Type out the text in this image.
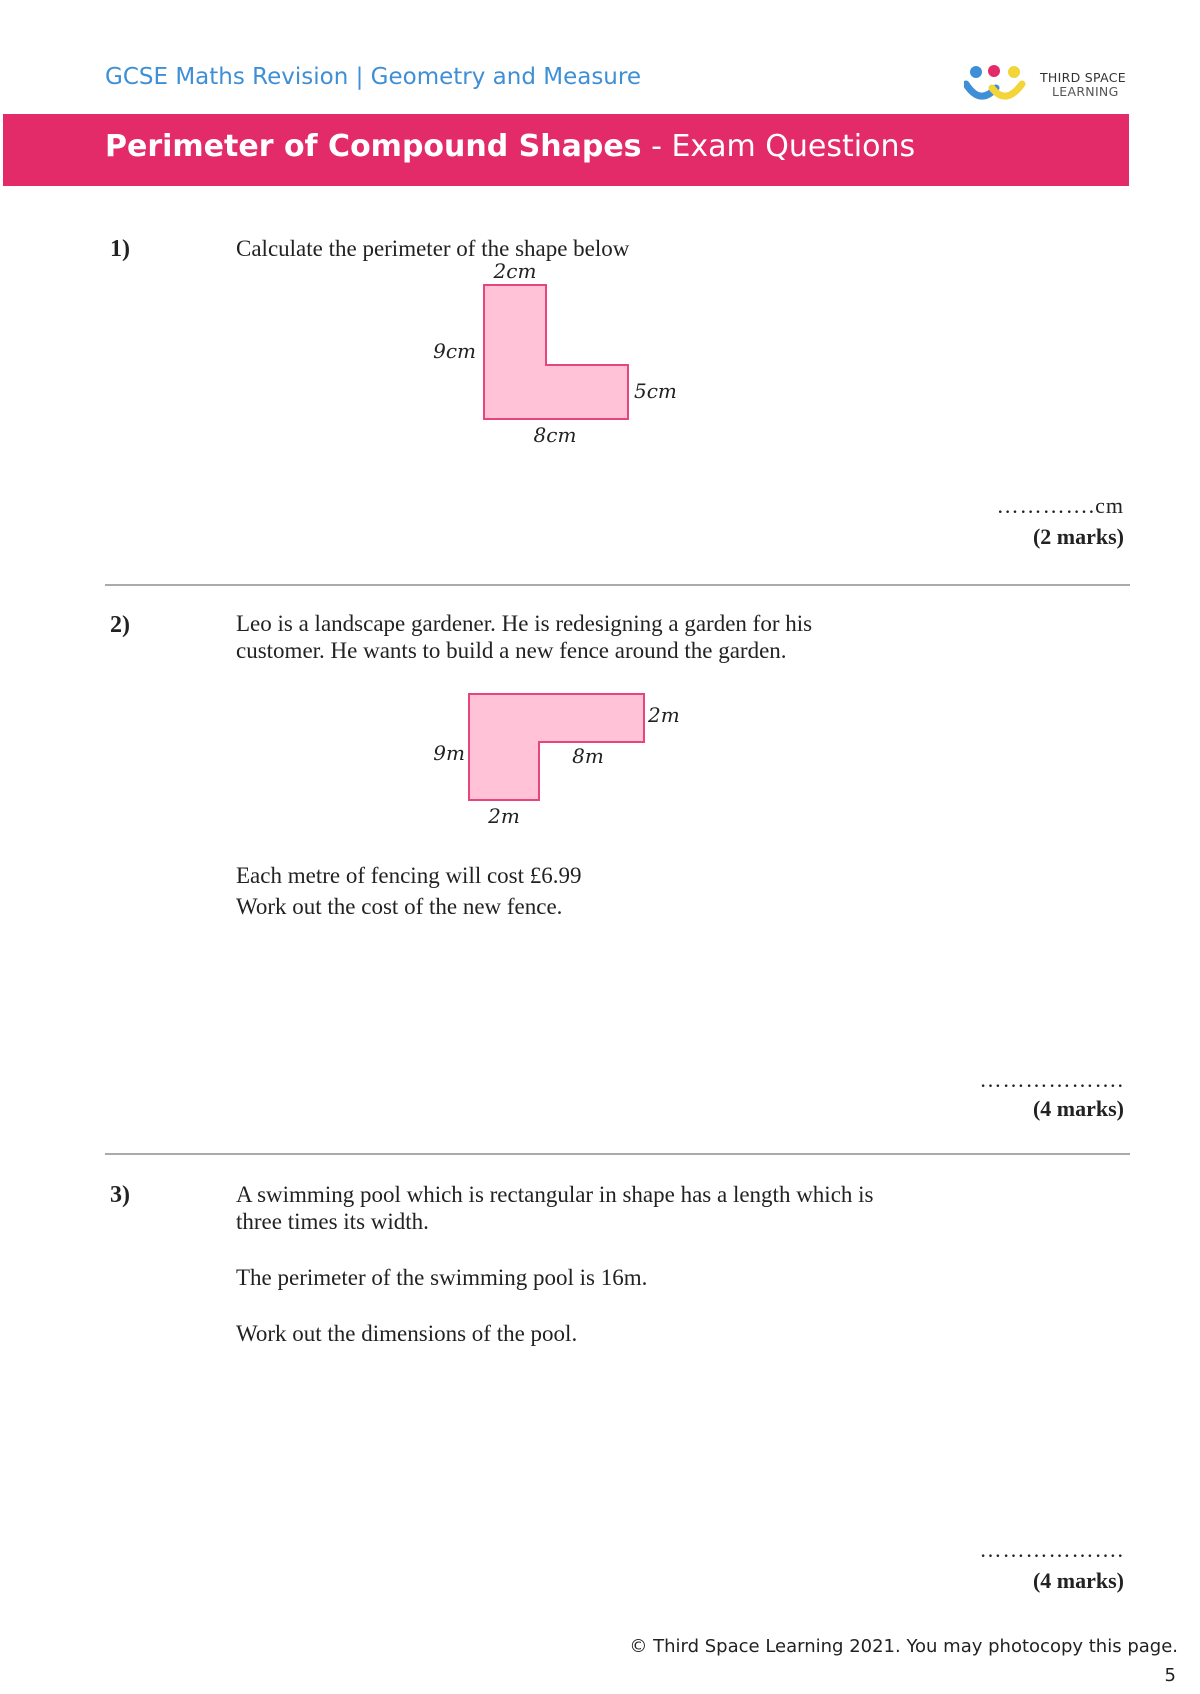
GCSE Maths Revision | Geometry and Measure	THIRD SPACE
LEARNING
Perimeter of Compound Shapes - Exam Questions
1)	Calculate the perimeter of the shape below
2cm
9cm
5cm
8cm
………….cm
(2 marks)
2)	Leo is a landscape gardener. He is redesigning a garden for his customer. He wants to build a new fence around the garden.
2m
9m	8m
2m
Each metre of fencing will cost £6.99
Work out the cost of the new fence.
……………….
(4 marks)
3)	A swimming pool which is rectangular in shape has a length which is three times its width.
The perimeter of the swimming pool is 16m.
Work out the dimensions of the pool.
……………….
(4 marks)
© Third Space Learning 2021. You may photocopy this page.
5
